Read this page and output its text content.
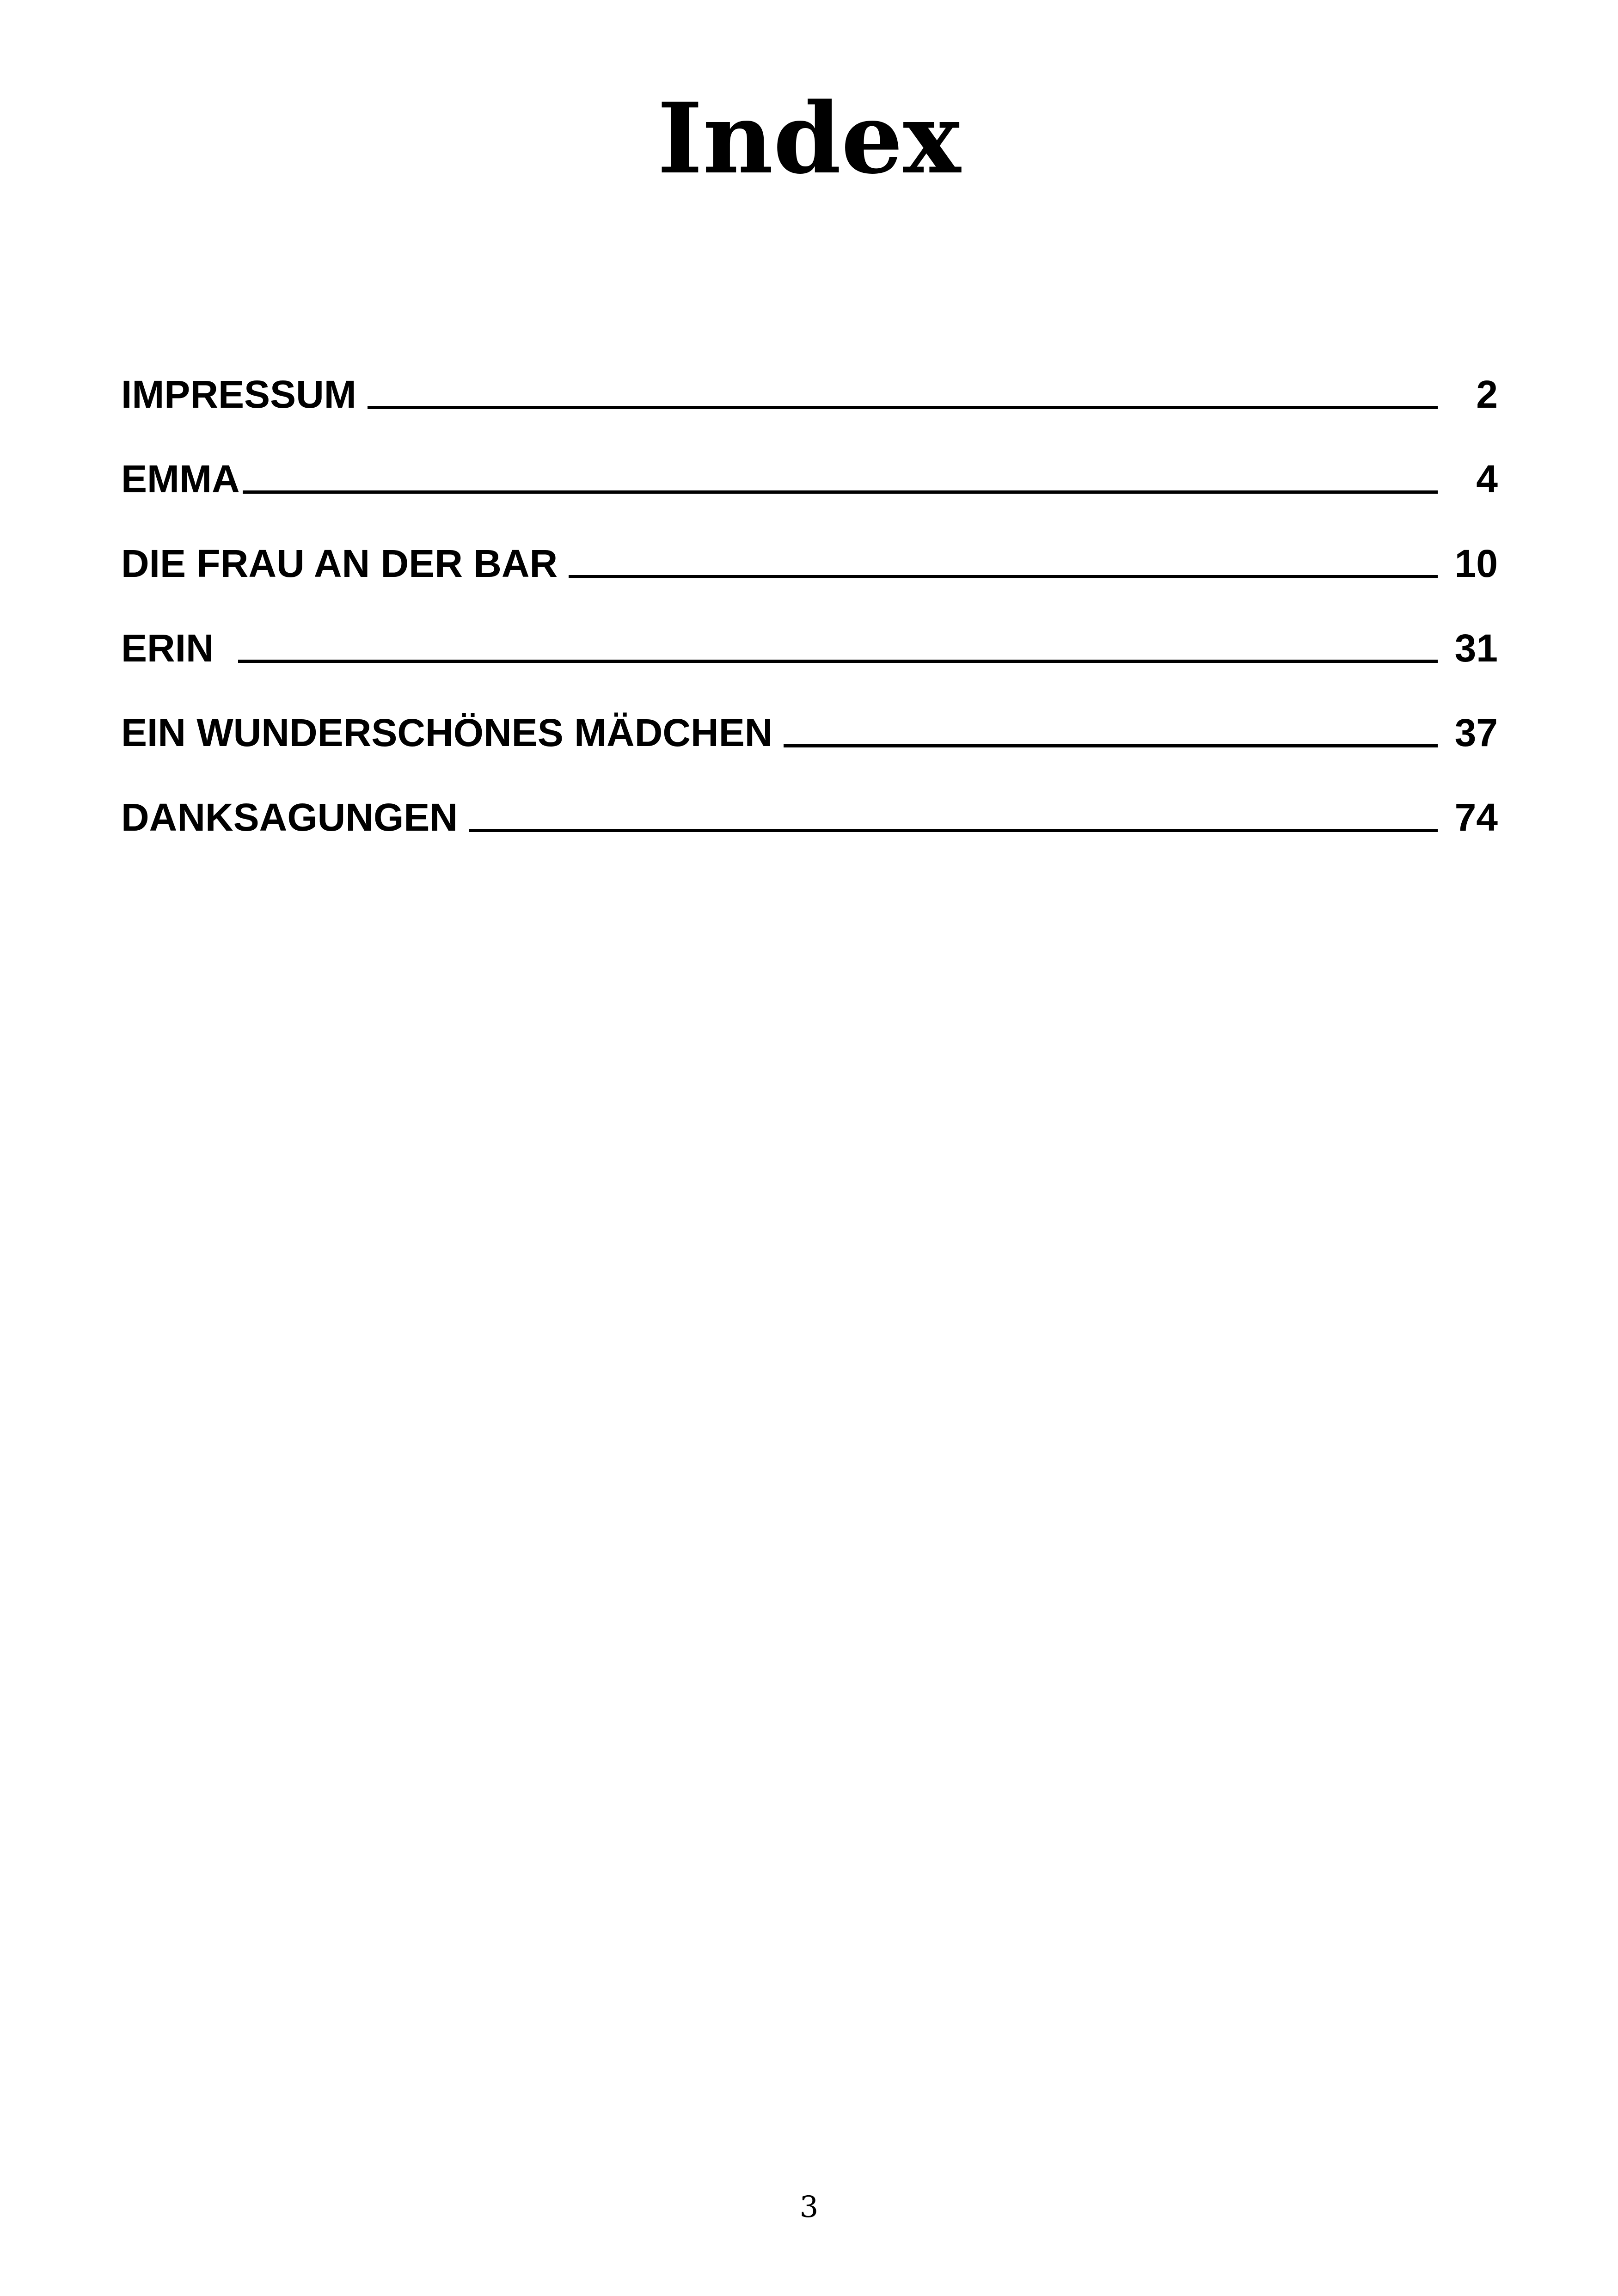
Index
IMPRESSUM	2
EMMA	4
DIE FRAU AN DER BAR	10
ERIN	31
EIN WUNDERSCHÖNES MÄDCHEN	37
DANKSAGUNGEN	74
3
